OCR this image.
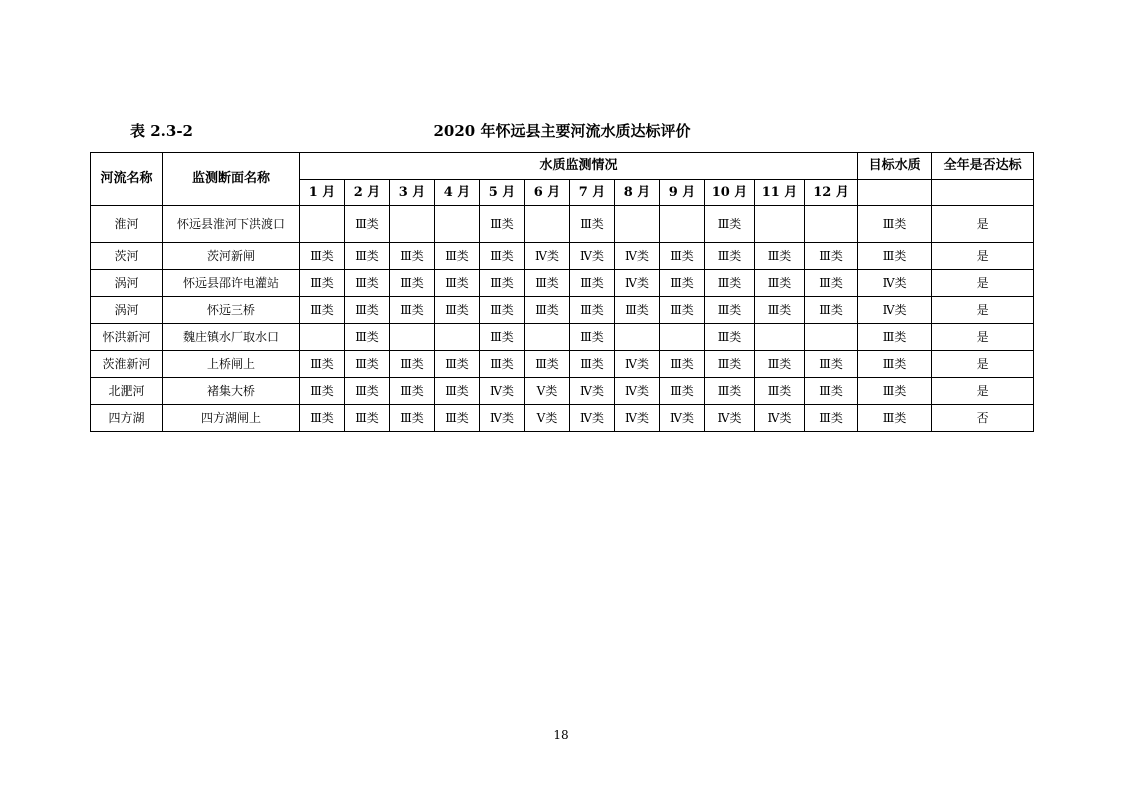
表 2.3-2	2020 年怀远县主要河流水质达标评价
河流名称	监测断面名称	水质监测情况												目标水质	全年是否达标
		1 月	2 月	3 月	4 月	5 月	6 月	7 月	8 月	9 月	10 月	11 月	12 月		
淮河	怀远县淮河下洪渡口		Ⅲ类			Ⅲ类		Ⅲ类			Ⅲ类			Ⅲ类	是
茨河	茨河新闸	Ⅲ类	Ⅲ类	Ⅲ类	Ⅲ类	Ⅲ类	Ⅳ类	Ⅳ类	Ⅳ类	Ⅲ类	Ⅲ类	Ⅲ类	Ⅲ类	Ⅲ类	是
涡河	怀远县邵许电灌站	Ⅲ类	Ⅲ类	Ⅲ类	Ⅲ类	Ⅲ类	Ⅲ类	Ⅲ类	Ⅳ类	Ⅲ类	Ⅲ类	Ⅲ类	Ⅲ类	Ⅳ类	是
涡河	怀远三桥	Ⅲ类	Ⅲ类	Ⅲ类	Ⅲ类	Ⅲ类	Ⅲ类	Ⅲ类	Ⅲ类	Ⅲ类	Ⅲ类	Ⅲ类	Ⅲ类	Ⅳ类	是
怀洪新河	魏庄镇水厂取水口		Ⅲ类			Ⅲ类		Ⅲ类			Ⅲ类			Ⅲ类	是
茨淮新河	上桥闸上	Ⅲ类	Ⅲ类	Ⅲ类	Ⅲ类	Ⅲ类	Ⅲ类	Ⅲ类	Ⅳ类	Ⅲ类	Ⅲ类	Ⅲ类	Ⅲ类	Ⅲ类	是
北淝河	褚集大桥	Ⅲ类	Ⅲ类	Ⅲ类	Ⅲ类	Ⅳ类	Ⅴ类	Ⅳ类	Ⅳ类	Ⅲ类	Ⅲ类	Ⅲ类	Ⅲ类	Ⅲ类	是
四方湖	四方湖闸上	Ⅲ类	Ⅲ类	Ⅲ类	Ⅲ类	Ⅳ类	Ⅴ类	Ⅳ类	Ⅳ类	Ⅳ类	Ⅳ类	Ⅳ类	Ⅲ类	Ⅲ类	否
18
